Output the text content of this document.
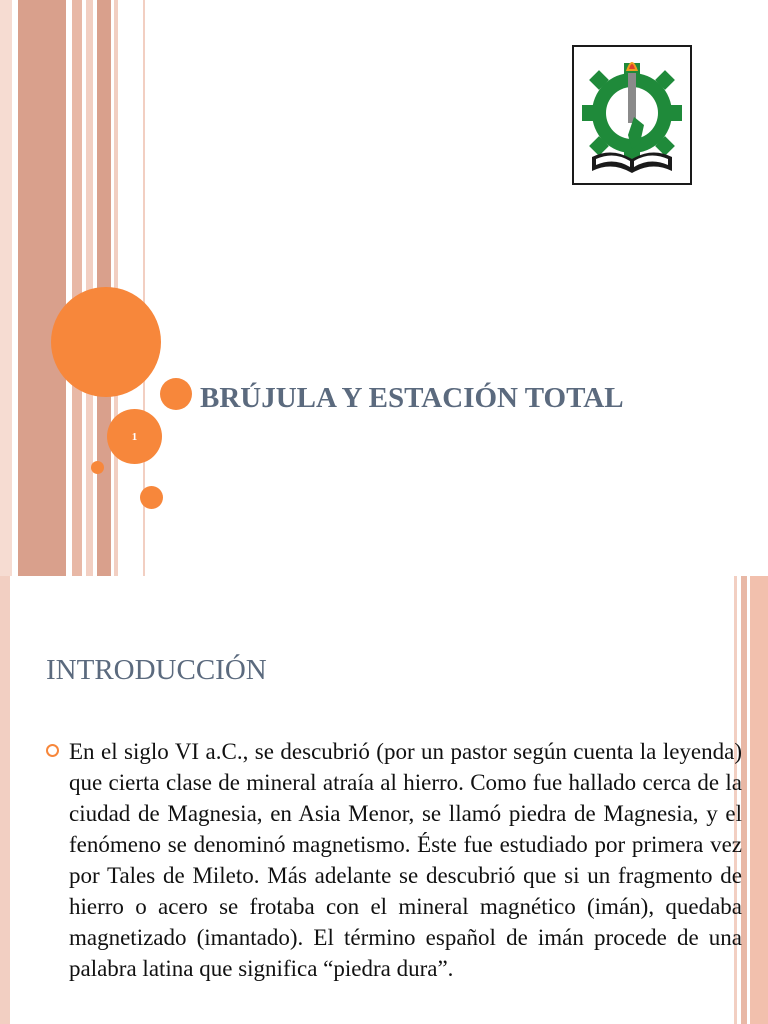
1
BRÚJULA Y ESTACIÓN TOTAL
INTRODUCCIÓN

En el siglo VI a.C., se descubrió (por un pastor según cuenta la leyenda) que cierta clase de mineral atraía al hierro. Como fue hallado cerca de la ciudad de Magnesia, en Asia Menor, se llamó piedra de Magnesia, y el fenómeno se denominó magnetismo. Éste fue estudiado por primera vez por Tales de Mileto. Más adelante se descubrió que si un fragmento de hierro o acero se frotaba con el mineral magnético (imán), quedaba magnetizado (imantado). El término español de imán procede de una palabra latina que significa “piedra dura”.
